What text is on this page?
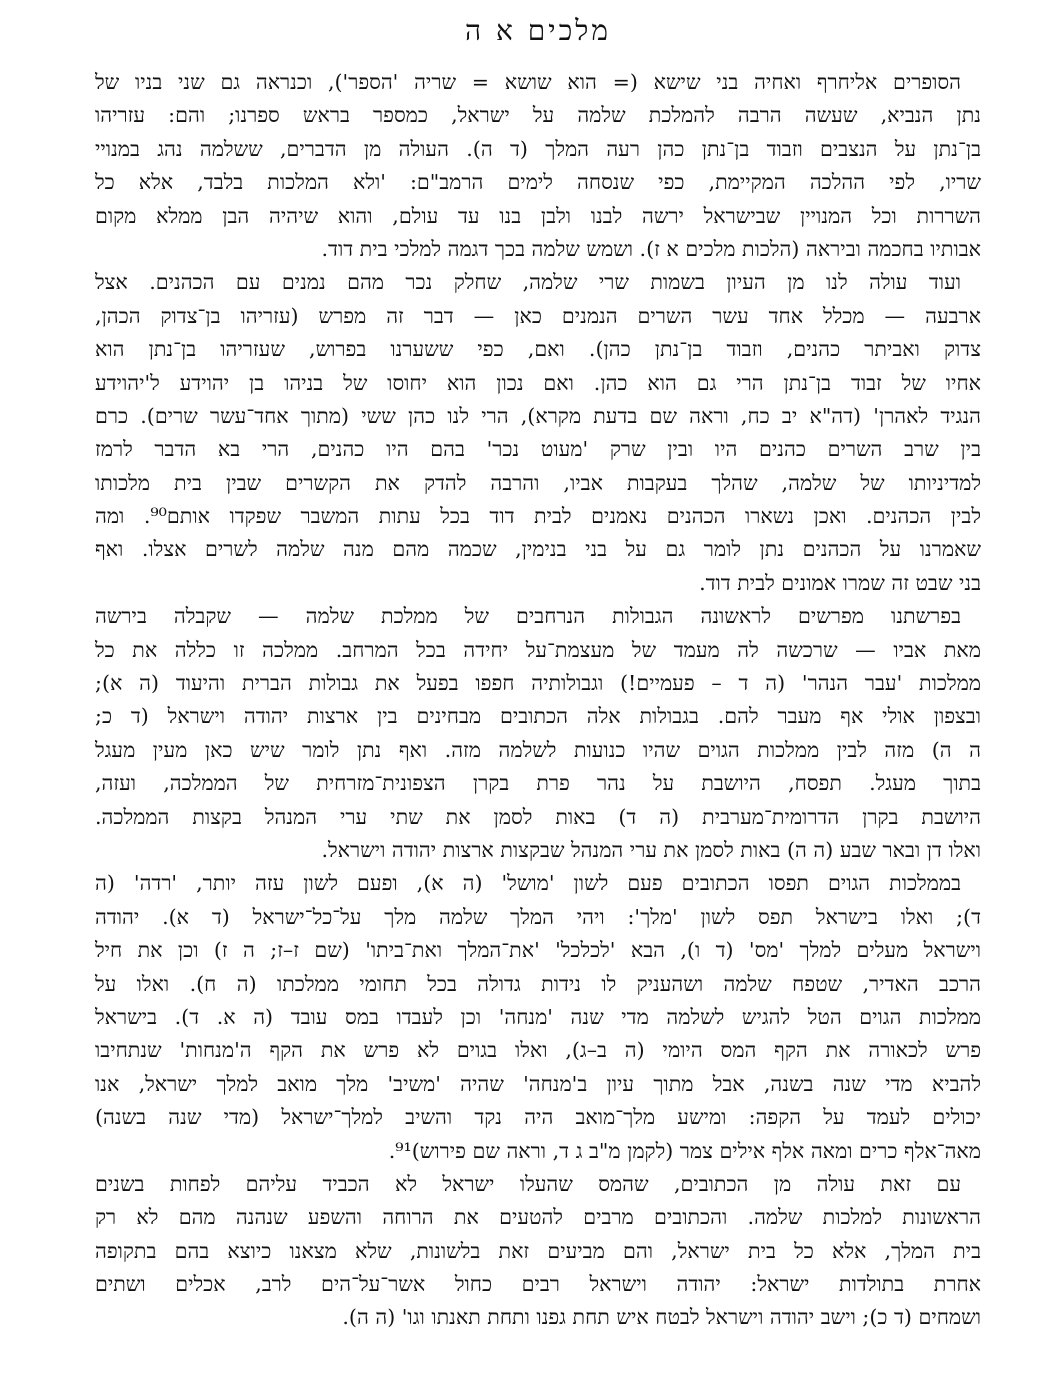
מלכים א ה

הסופרים אליחרף ואחיה בני שישא (= הוא שושא = שריה 'הספר'), וכנראה גם שני בניו של
נתן הנביא, שעשה הרבה להמלכת שלמה על ישראל, כמספר בראש ספרנו; והם: עזריהו
בן־נתן על הנצבים וזבוד בן־נתן כהן רעה המלך (ד ה). העולה מן הדברים, ששלמה נהג במנויי
שריו, לפי ההלכה המקיימת, כפי שנסחה לימים הרמב"ם: 'ולא המלכות בלבד, אלא כל
השררות וכל המנויין שבישראל ירשה לבנו ולבן בנו עד עולם, והוא שיהיה הבן ממלא מקום
אבותיו בחכמה וביראה (הלכות מלכים א ז). ושמש שלמה בכך דגמה למלכי בית דוד.

ועוד עולה לנו מן העיון בשמות שרי שלמה, שחלק נכר מהם נמנים עם הכהנים. אצל
ארבעה — מכלל אחד עשר השרים הנמנים כאן — דבר זה מפרש (עזריהו בן־צדוק הכהן,
צדוק ואביתר כהנים, וזבוד בן־נתן כהן). ואם, כפי ששערנו בפרוש, שעזריהו בן־נתן הוא
אחיו של זבוד בן־נתן הרי גם הוא כהן. ואם נכון הוא יחוסו של בניהו בן יהוידע ל'יהוידע
הנגיד לאהרן' (דה"א יב כח, וראה שם בדעת מקרא), הרי לנו כהן ששי (מתוך אחד־עשר שרים). כרם
בין שרב השרים כהנים היו ובין שרק 'מעוט נכר' בהם היו כהנים, הרי בא הדבר לרמז
למדיניותו של שלמה, שהלך בעקבות אביו, והרבה להדק את הקשרים שבין בית מלכותו
לבין הכהנים. ואכן נשארו הכהנים נאמנים לבית דוד בכל עתות המשבר שפקדו אותם⁹⁰. ומה
שאמרנו על הכהנים נתן לומר גם על בני בנימין, שכמה מהם מנה שלמה לשרים אצלו. ואף
בני שבט זה שמרו אמונים לבית דוד.

בפרשתנו מפרשים לראשונה הגבולות הנרחבים של ממלכת שלמה — שקבלה בירשה
מאת אביו — שרכשה לה מעמד של מעצמת־על יחידה בכל המרחב. ממלכה זו כללה את כל
ממלכות 'עבר הנהר' (ה ד – פעמיים!) וגבולותיה חפפו בפעל את גבולות הברית והיעוד (ה א);
ובצפון אולי אף מעבר להם. בגבולות אלה הכתובים מבחינים בין ארצות יהודה וישראל (ד כ;
ה ה) מזה לבין ממלכות הגוים שהיו כנועות לשלמה מזה. ואף נתן לומר שיש כאן מעין מעגל
בתוך מעגל. תפסח, היושבת על נהר פרת בקרן הצפונית־מזרחית של הממלכה, ועזה,
היושבת בקרן הדרומית־מערבית (ה ד) באות לסמן את שתי ערי המנהל בקצות הממלכה.
ואלו דן ובאר שבע (ה ה) באות לסמן את ערי המנהל שבקצות ארצות יהודה וישראל.

בממלכות הגוים תפסו הכתובים פעם לשון 'מושל' (ה א), ופעם לשון עזה יותר, 'רדה' (ה
ד); ואלו בישראל תפס לשון 'מלך': ויהי המלך שלמה מלך על־כל־ישראל (ד א). יהודה
וישראל מעלים למלך 'מס' (ד ו), הבא 'לכלכל' 'את־המלך ואת־ביתו' (שם ז–ז; ה ז) וכן את חיל
הרכב האדיר, שטפח שלמה ושהעניק לו נידות גדולה בכל תחומי ממלכתו (ה ח). ואלו על
ממלכות הגוים הטל להגיש לשלמה מדי שנה 'מנחה' וכן לעבדו במס עובד (ה א. ד). בישראל
פרש לכאורה את הקף המס היומי (ה ב–ג), ואלו בגוים לא פרש את הקף ה'מנחות' שנתחיבו
להביא מדי שנה בשנה, אבל מתוך עיון ב'מנחה' שהיה 'משיב' מלך מואב למלך ישראל, אנו
יכולים לעמד על הקפה: ומישע מלך־מואב היה נקד והשיב למלך־ישראל (מדי שנה בשנה)
מאה־אלף כרים ומאה אלף אילים צמר (לקמן מ"ב ג ד, וראה שם פירוש)⁹¹.

עם זאת עולה מן הכתובים, שהמס שהעלו ישראל לא הכביד עליהם לפחות בשנים
הראשונות למלכות שלמה. והכתובים מרבים להטעים את הרוחה והשפע שנהנה מהם לא רק
בית המלך, אלא כל בית ישראל, והם מביעים זאת בלשונות, שלא מצאנו כיוצא בהם בתקופה
אחרת בתולדות ישראל: יהודה וישראל רבים כחול אשר־על־הים לרב, אכלים ושתים
ושמחים (ד כ); וישב יהודה וישראל לבטח איש תחת גפנו ותחת תאנתו וגו' (ה ה).
